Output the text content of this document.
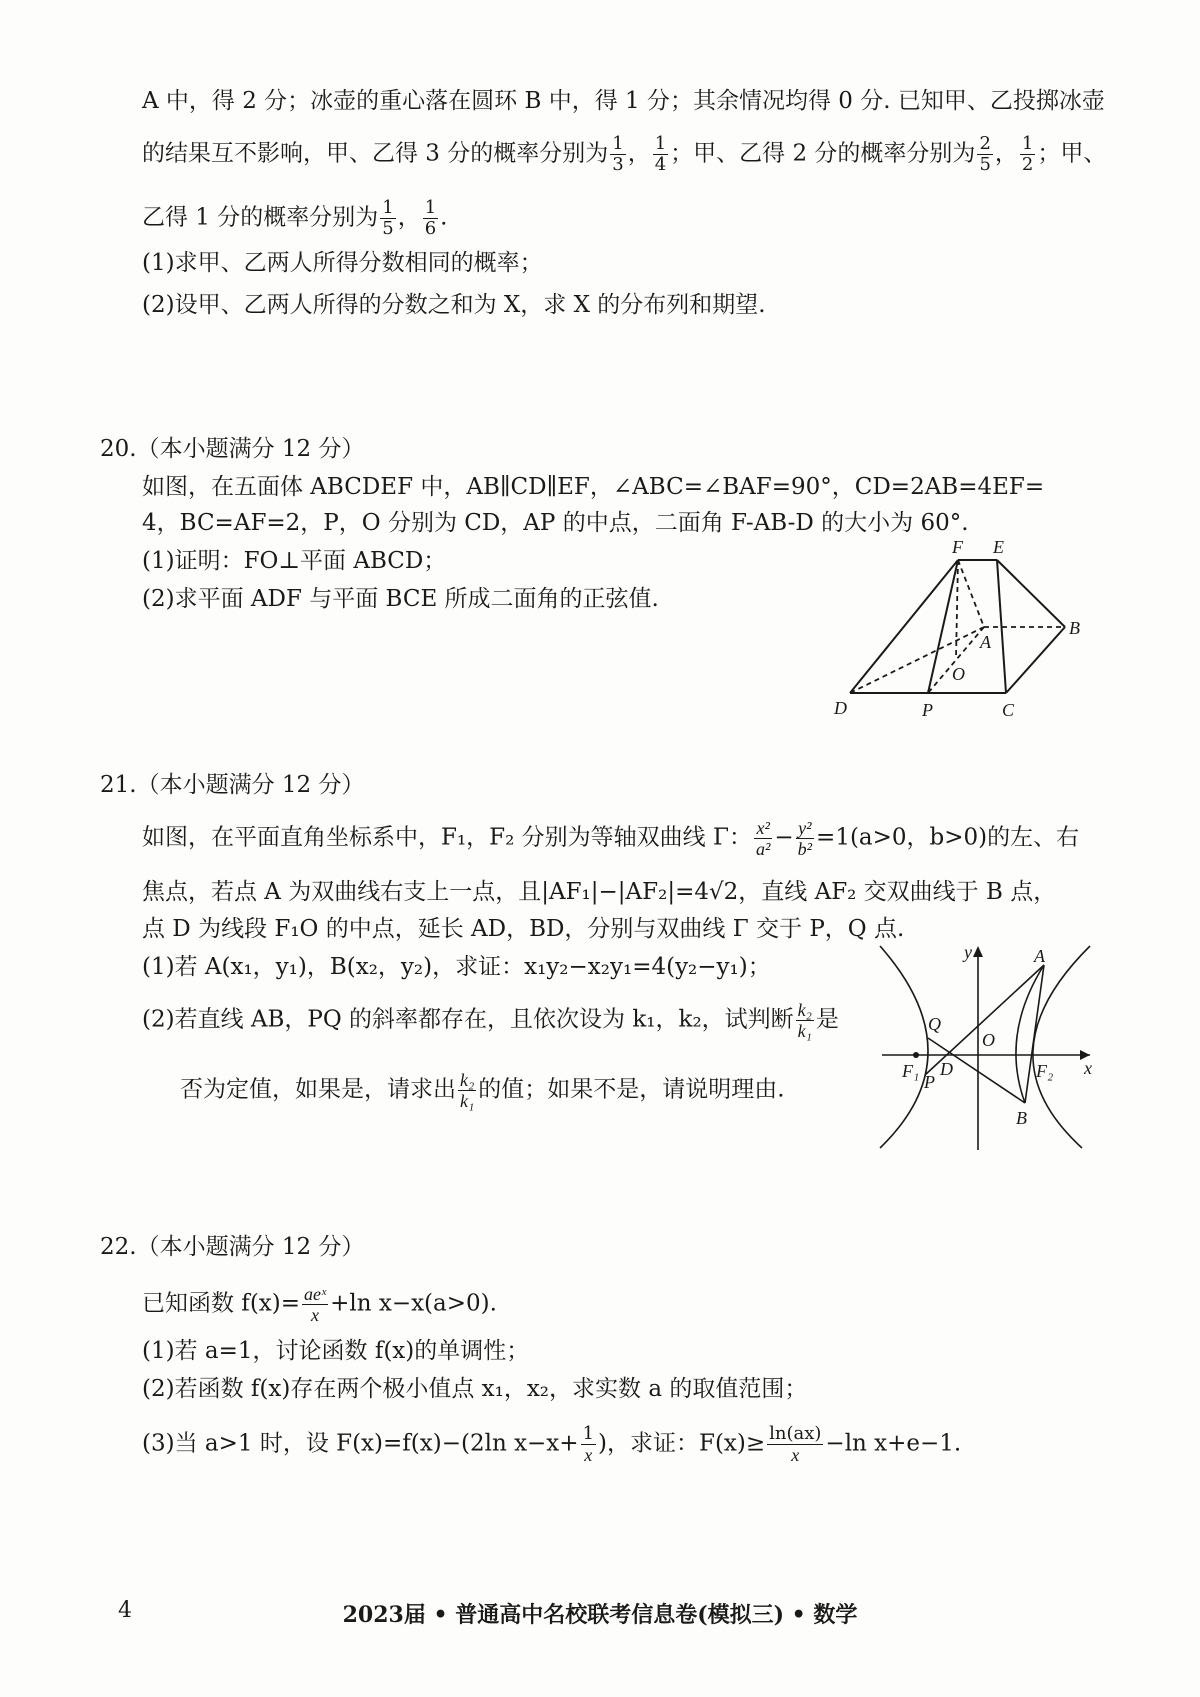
A 中，得 2 分；冰壶的重心落在圆环 B 中，得 1 分；其余情况均得 0 分. 已知甲、乙投掷冰壶
的结果互不影响，甲、乙得 3 分的概率分别为 $\frac{1}{3}$ ， $\frac{1}{4}$ ；甲、乙得 2 分的概率分别为 $\frac{2}{5}$ ， $\frac{1}{2}$ ；甲、
乙得 1 分的概率分别为 $\frac{1}{5}$ ， $\frac{1}{6}$ .
(1)求甲、乙两人所得分数相同的概率；
(2)设甲、乙两人所得的分数之和为 X，求 X 的分布列和期望.
20.（本小题满分 12 分）
如图，在五面体 ABCDEF 中，AB∥CD∥EF，∠ABC=∠BAF=90°，CD=2AB=4EF=
4，BC=AF=2，P，O 分别为 CD，AP 的中点，二面角 F-AB-D 的大小为 60°.
(1)证明：FO⊥平面 ABCD；
(2)求平面 ADF 与平面 BCE 所成二面角的正弦值.
F E
B
A
O
D	P	C
21.（本小题满分 12 分）
如图，在平面直角坐标系中，F₁，F₂ 分别为等轴双曲线 Γ： $\frac{\text{x²}}{\text{a²}} - \frac{\text{y²}}{\text{b²}} =1(a>0$，b>0)的左、右
焦点，若点 A 为双曲线右支上一点，且|AF₁|−|AF₂|=4√2，直线 AF₂ 交双曲线于 B 点，
点 D 为线段 F₁O 的中点，延长 AD，BD，分别与双曲线 Γ 交于 P，Q 点.
(1)若 A(x₁，y₁)，B(x₂，y₂)，求证：x₁y₂−x₂y₁=4(y₂−y₁)；
(2)若直线 AB，PQ 的斜率都存在，且依次设为 k₁，k₂，试判断 $\frac{\text{k₂}}{\text{k₁}}$ 是
否为定值，如果是，请求出 $\frac{\text{k₂}}{\text{k₁}}$ 的值；如果不是，请说明理由.
y
x
A
B
Q
O
F₁	F₂
D
P
22.（本小题满分 12 分）
已知函数 $f(x)= \frac{\text{aeˣ}}{x} +\ln$ x−x(a>0).
(1)若 a=1，讨论函数 f(x)的单调性；
(2)若函数 f(x)存在两个极小值点 x₁，x₂，求实数 a 的取值范围；
(3)当 a>1 时，设 F(x)=f(x)−(2ln $x-x+ \frac{1}{x}$ )，求证：$F(x)\ge \frac{\ln(ax)}{x} -\ln$ x+e−1.
4	2023届 • 普通高中名校联考信息卷(模拟三) • 数学
